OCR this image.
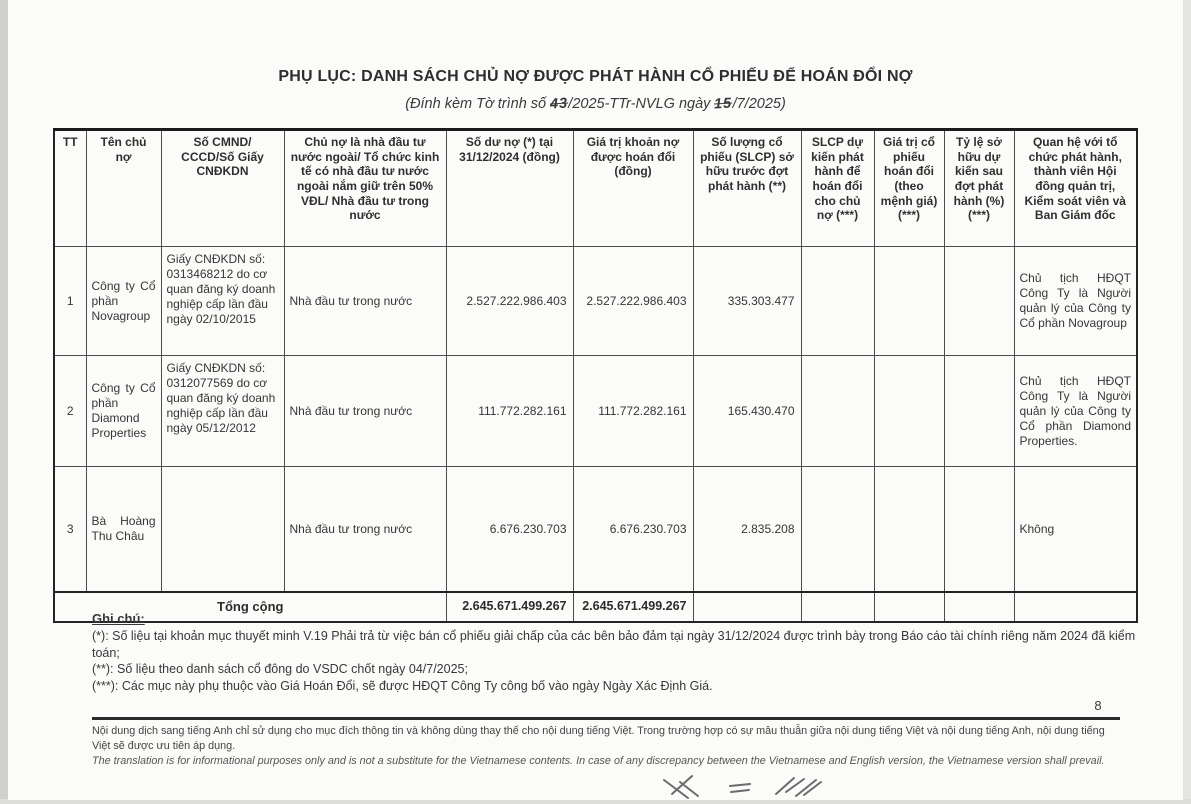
PHỤ LỤC: DANH SÁCH CHỦ NỢ ĐƯỢC PHÁT HÀNH CỔ PHIẾU ĐỂ HOÁN ĐỔI NỢ
(Đính kèm Tờ trình số 43/2025-TTr-NVLG ngày 15/7/2025)
TT	Tên chủ nợ	Số CMND/ CCCD/Số Giấy CNĐKDN	Chủ nợ là nhà đầu tư nước ngoài/ Tổ chức kinh tế có nhà đầu tư nước ngoài nắm giữ trên 50% VĐL/ Nhà đầu tư trong nước	Số dư nợ (*) tại 31/12/2024 (đồng)	Giá trị khoản nợ được hoán đổi (đồng)	Số lượng cổ phiếu (SLCP) sở hữu trước đợt phát hành (**)	SLCP dự kiến phát hành để hoán đổi cho chủ nợ (***)	Giá trị cổ phiếu hoán đổi (theo mệnh giá) (***)	Tỷ lệ sở hữu dự kiến sau đợt phát hành (%) (***)	Quan hệ với tổ chức phát hành, thành viên Hội đồng quản trị, Kiểm soát viên và Ban Giám đốc
1	Công ty Cổ phần Novagroup	Giấy CNĐKDN số: 0313468212 do cơ quan đăng ký doanh nghiệp cấp lần đầu ngày 02/10/2015	Nhà đầu tư trong nước	2.527.222.986.403	2.527.222.986.403	335.303.477				Chủ tịch HĐQT Công Ty là Người quản lý của Công ty Cổ phần Novagroup
2	Công ty Cổ phần Diamond Properties	Giấy CNĐKDN số: 0312077569 do cơ quan đăng ký doanh nghiệp cấp lần đầu ngày 05/12/2012	Nhà đầu tư trong nước	111.772.282.161	111.772.282.161	165.430.470				Chủ tịch HĐQT Công Ty là Người quản lý của Công ty Cổ phần Diamond Properties.
3	Bà Hoàng Thu Châu		Nhà đầu tư trong nước	6.676.230.703	6.676.230.703	2.835.208				Không
Tổng cộng				2.645.671.499.267	2.645.671.499.267					
Ghi chú:

(*): Số liệu tại khoản mục thuyết minh V.19 Phải trả từ việc bán cổ phiếu giải chấp của các bên bảo đảm tại ngày 31/12/2024 được trình bày trong Báo cáo tài chính riêng năm 2024 đã kiểm toán;

(**): Số liệu theo danh sách cổ đông do VSDC chốt ngày 04/7/2025;

(***): Các mục này phụ thuộc vào Giá Hoán Đổi, sẽ được HĐQT Công Ty công bố vào ngày Ngày Xác Định Giá.

8
Nội dung dịch sang tiếng Anh chỉ sử dụng cho mục đích thông tin và không dùng thay thế cho nội dung tiếng Việt. Trong trường hợp có sự mâu thuẫn giữa nội dung tiếng Việt và nội dung tiếng Anh, nội dung tiếng Việt sẽ được ưu tiên áp dụng.
The translation is for informational purposes only and is not a substitute for the Vietnamese contents. In case of any discrepancy between the Vietnamese and English version, the Vietnamese version shall prevail.
